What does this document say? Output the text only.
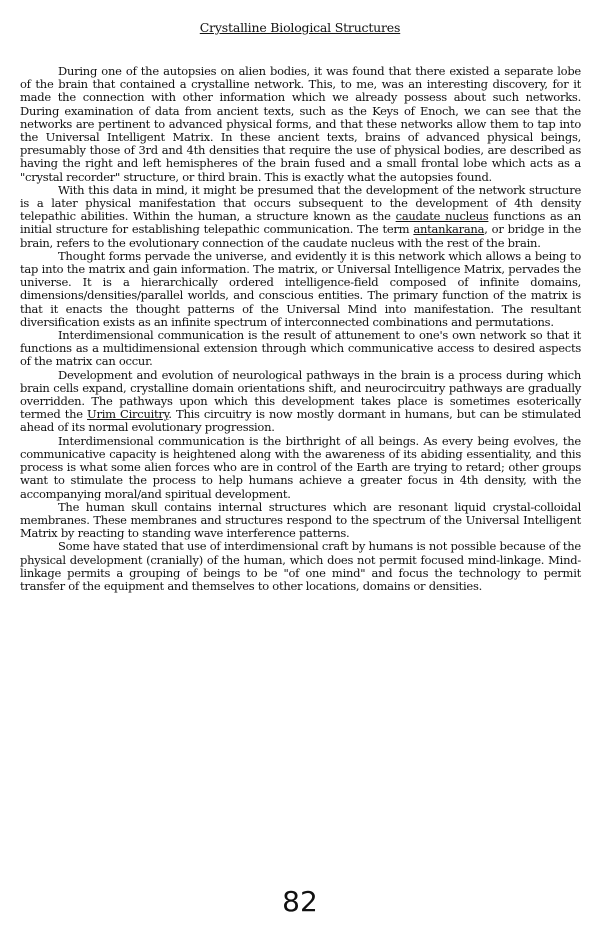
Crystalline Biological Structures

During one of the autopsies on alien bodies, it was found that there existed a separate lobe of the brain that contained a crystalline network. This, to me, was an interesting discovery, for it made the connection with other information which we already possess about such networks. During examination of data from ancient texts, such as the Keys of Enoch, we can see that the networks are pertinent to advanced physical forms, and that these networks allow them to tap into the Universal Intelligent Matrix. In these ancient texts, brains of advanced physical beings, presumably those of 3rd and 4th densities that require the use of physical bodies, are described as having the right and left hemispheres of the brain fused and a small frontal lobe which acts as a "crystal recorder" structure, or third brain. This is exactly what the autopsies found.

With this data in mind, it might be presumed that the development of the network structure is a later physical manifestation that occurs subsequent to the development of 4th density telepathic abilities. Within the human, a structure known as the caudate nucleus functions as an initial structure for establishing telepathic communication. The term antankarana, or bridge in the brain, refers to the evolutionary connection of the caudate nucleus with the rest of the brain.

Thought forms pervade the universe, and evidently it is this network which allows a being to tap into the matrix and gain information. The matrix, or Universal Intelligence Matrix, pervades the universe. It is a hierarchically ordered intelligence-field composed of infinite domains, dimensions/densities/parallel worlds, and conscious entities. The primary function of the matrix is that it enacts the thought patterns of the Universal Mind into manifestation. The resultant diversification exists as an infinite spectrum of interconnected combinations and permutations.

Interdimensional communication is the result of attunement to one's own network so that it functions as a multidimensional extension through which communicative access to desired aspects of the matrix can occur.

Development and evolution of neurological pathways in the brain is a process during which brain cells expand, crystalline domain orientations shift, and neurocircuitry pathways are gradually overridden. The pathways upon which this development takes place is sometimes esoterically termed the Urim Circuitry. This circuitry is now mostly dormant in humans, but can be stimulated ahead of its normal evolutionary progression.

Interdimensional communication is the birthright of all beings. As every being evolves, the communicative capacity is heightened along with the awareness of its abiding essentiality, and this process is what some alien forces who are in control of the Earth are trying to retard; other groups want to stimulate the process to help humans achieve a greater focus in 4th density, with the accompanying moral/and spiritual development.

The human skull contains internal structures which are resonant liquid crystal-colloidal membranes. These membranes and structures respond to the spectrum of the Universal Intelligent Matrix by reacting to standing wave interference patterns.

Some have stated that use of interdimensional craft by humans is not possible because of the physical development (cranially) of the human, which does not permit focused mind-linkage. Mind-linkage permits a grouping of beings to be "of one mind" and focus the technology to permit transfer of the equipment and themselves to other locations, domains or densities.

82
